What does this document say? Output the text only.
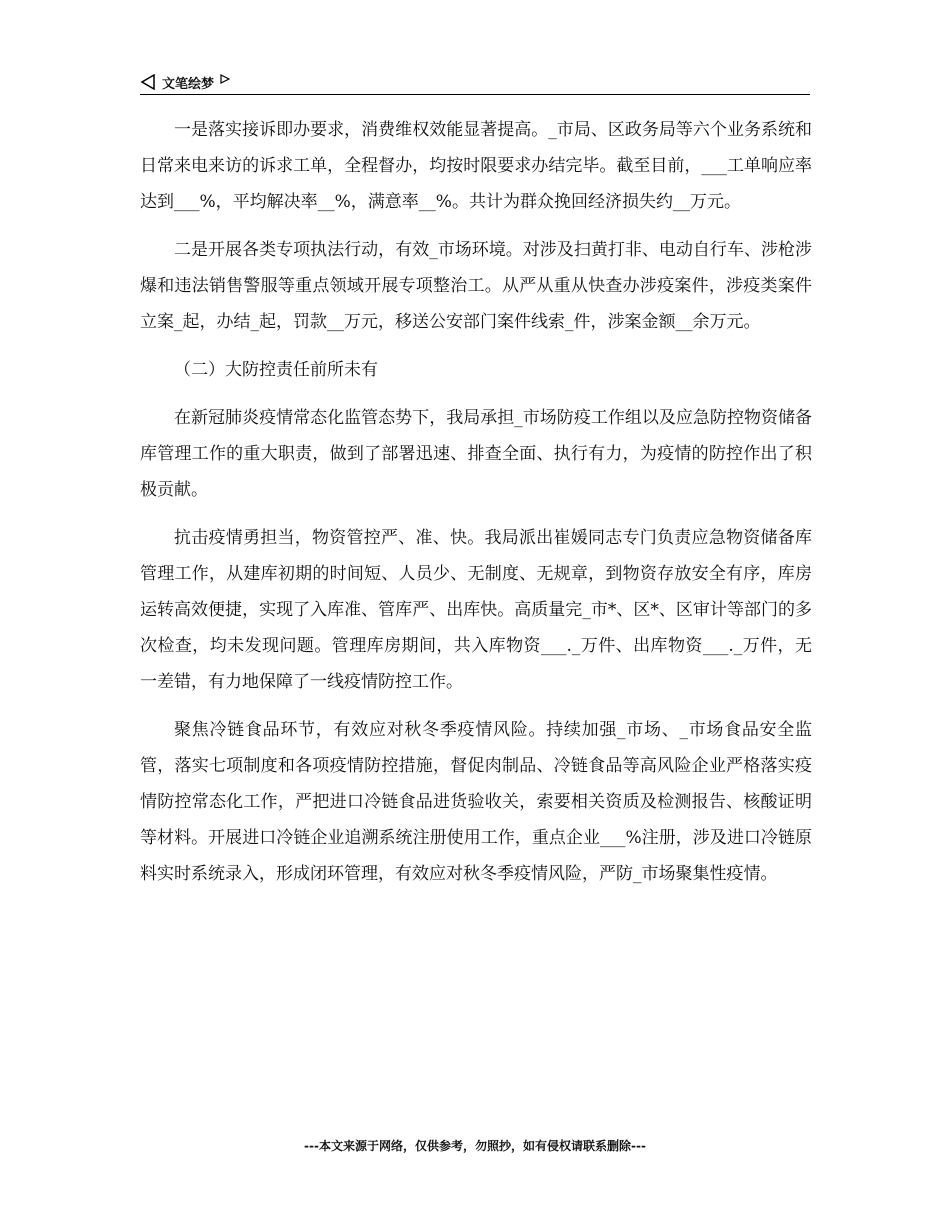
文笔绘梦

一是落实接诉即办要求，消费维权效能显著提高。_市局、区政务局等六个业务系统和日常来电来访的诉求工单，全程督办，均按时限要求办结完毕。截至目前，___工单响应率达到___%，平均解决率__%，满意率__%。共计为群众挽回经济损失约__万元。

二是开展各类专项执法行动，有效_市场环境。对涉及扫黄打非、电动自行车、涉枪涉爆和违法销售警服等重点领域开展专项整治工。从严从重从快查办涉疫案件，涉疫类案件立案_起，办结_起，罚款__万元，移送公安部门案件线索_件，涉案金额__余万元。

（二）大防控责任前所未有

在新冠肺炎疫情常态化监管态势下，我局承担_市场防疫工作组以及应急防控物资储备库管理工作的重大职责，做到了部署迅速、排查全面、执行有力，为疫情的防控作出了积极贡献。

抗击疫情勇担当，物资管控严、准、快。我局派出崔媛同志专门负责应急物资储备库管理工作，从建库初期的时间短、人员少、无制度、无规章，到物资存放安全有序，库房运转高效便捷，实现了入库准、管库严、出库快。高质量完_市*、区*、区审计等部门的多次检查，均未发现问题。管理库房期间，共入库物资___._万件、出库物资___._万件，无一差错，有力地保障了一线疫情防控工作。

聚焦冷链食品环节，有效应对秋冬季疫情风险。持续加强_市场、_市场食品安全监管，落实七项制度和各项疫情防控措施，督促肉制品、冷链食品等高风险企业严格落实疫情防控常态化工作，严把进口冷链食品进货验收关，索要相关资质及检测报告、核酸证明等材料。开展进口冷链企业追溯系统注册使用工作，重点企业___%注册，涉及进口冷链原料实时系统录入，形成闭环管理，有效应对秋冬季疫情风险，严防_市场聚集性疫情。

---本文来源于网络，仅供参考，勿照抄，如有侵权请联系删除---
